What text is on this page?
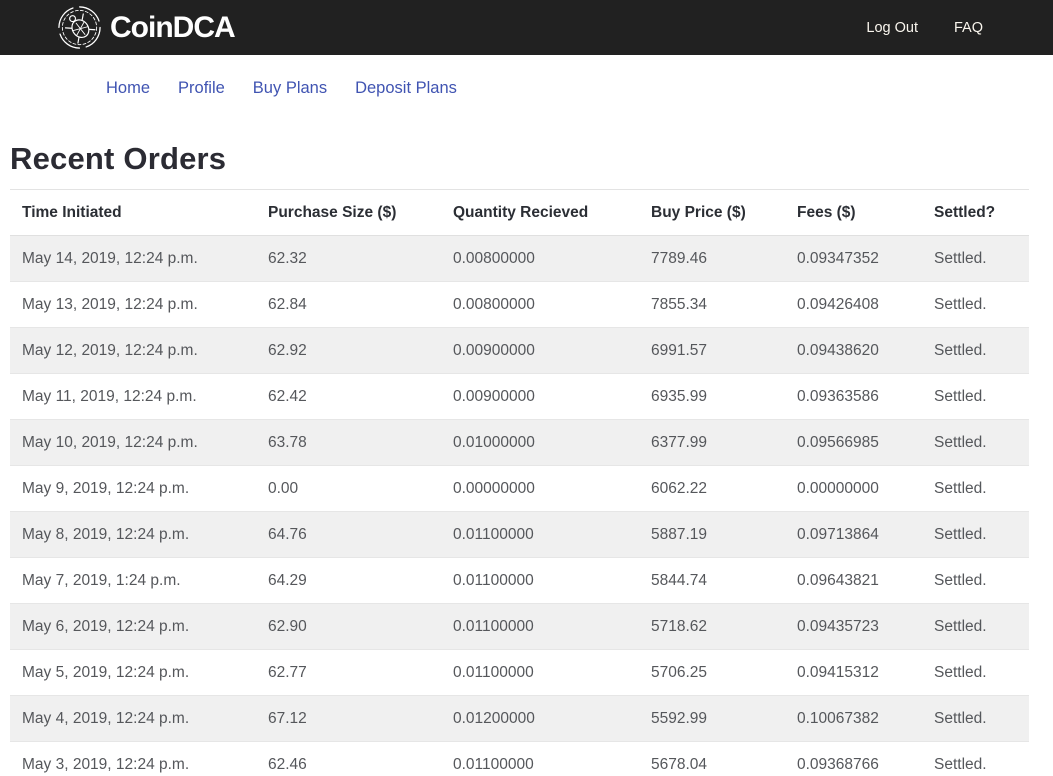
CoinDCA	Log Out FAQ
Home Profile Buy Plans Deposit Plans
Recent Orders
Time Initiated	Purchase Size ($)	Quantity Recieved	Buy Price ($)	Fees ($)	Settled?
May 14, 2019, 12:24 p.m.	62.32	0.00800000	7789.46	0.09347352	Settled.
May 13, 2019, 12:24 p.m.	62.84	0.00800000	7855.34	0.09426408	Settled.
May 12, 2019, 12:24 p.m.	62.92	0.00900000	6991.57	0.09438620	Settled.
May 11, 2019, 12:24 p.m.	62.42	0.00900000	6935.99	0.09363586	Settled.
May 10, 2019, 12:24 p.m.	63.78	0.01000000	6377.99	0.09566985	Settled.
May 9, 2019, 12:24 p.m.	0.00	0.00000000	6062.22	0.00000000	Settled.
May 8, 2019, 12:24 p.m.	64.76	0.01100000	5887.19	0.09713864	Settled.
May 7, 2019, 1:24 p.m.	64.29	0.01100000	5844.74	0.09643821	Settled.
May 6, 2019, 12:24 p.m.	62.90	0.01100000	5718.62	0.09435723	Settled.
May 5, 2019, 12:24 p.m.	62.77	0.01100000	5706.25	0.09415312	Settled.
May 4, 2019, 12:24 p.m.	67.12	0.01200000	5592.99	0.10067382	Settled.
May 3, 2019, 12:24 p.m.	62.46	0.01100000	5678.04	0.09368766	Settled.
